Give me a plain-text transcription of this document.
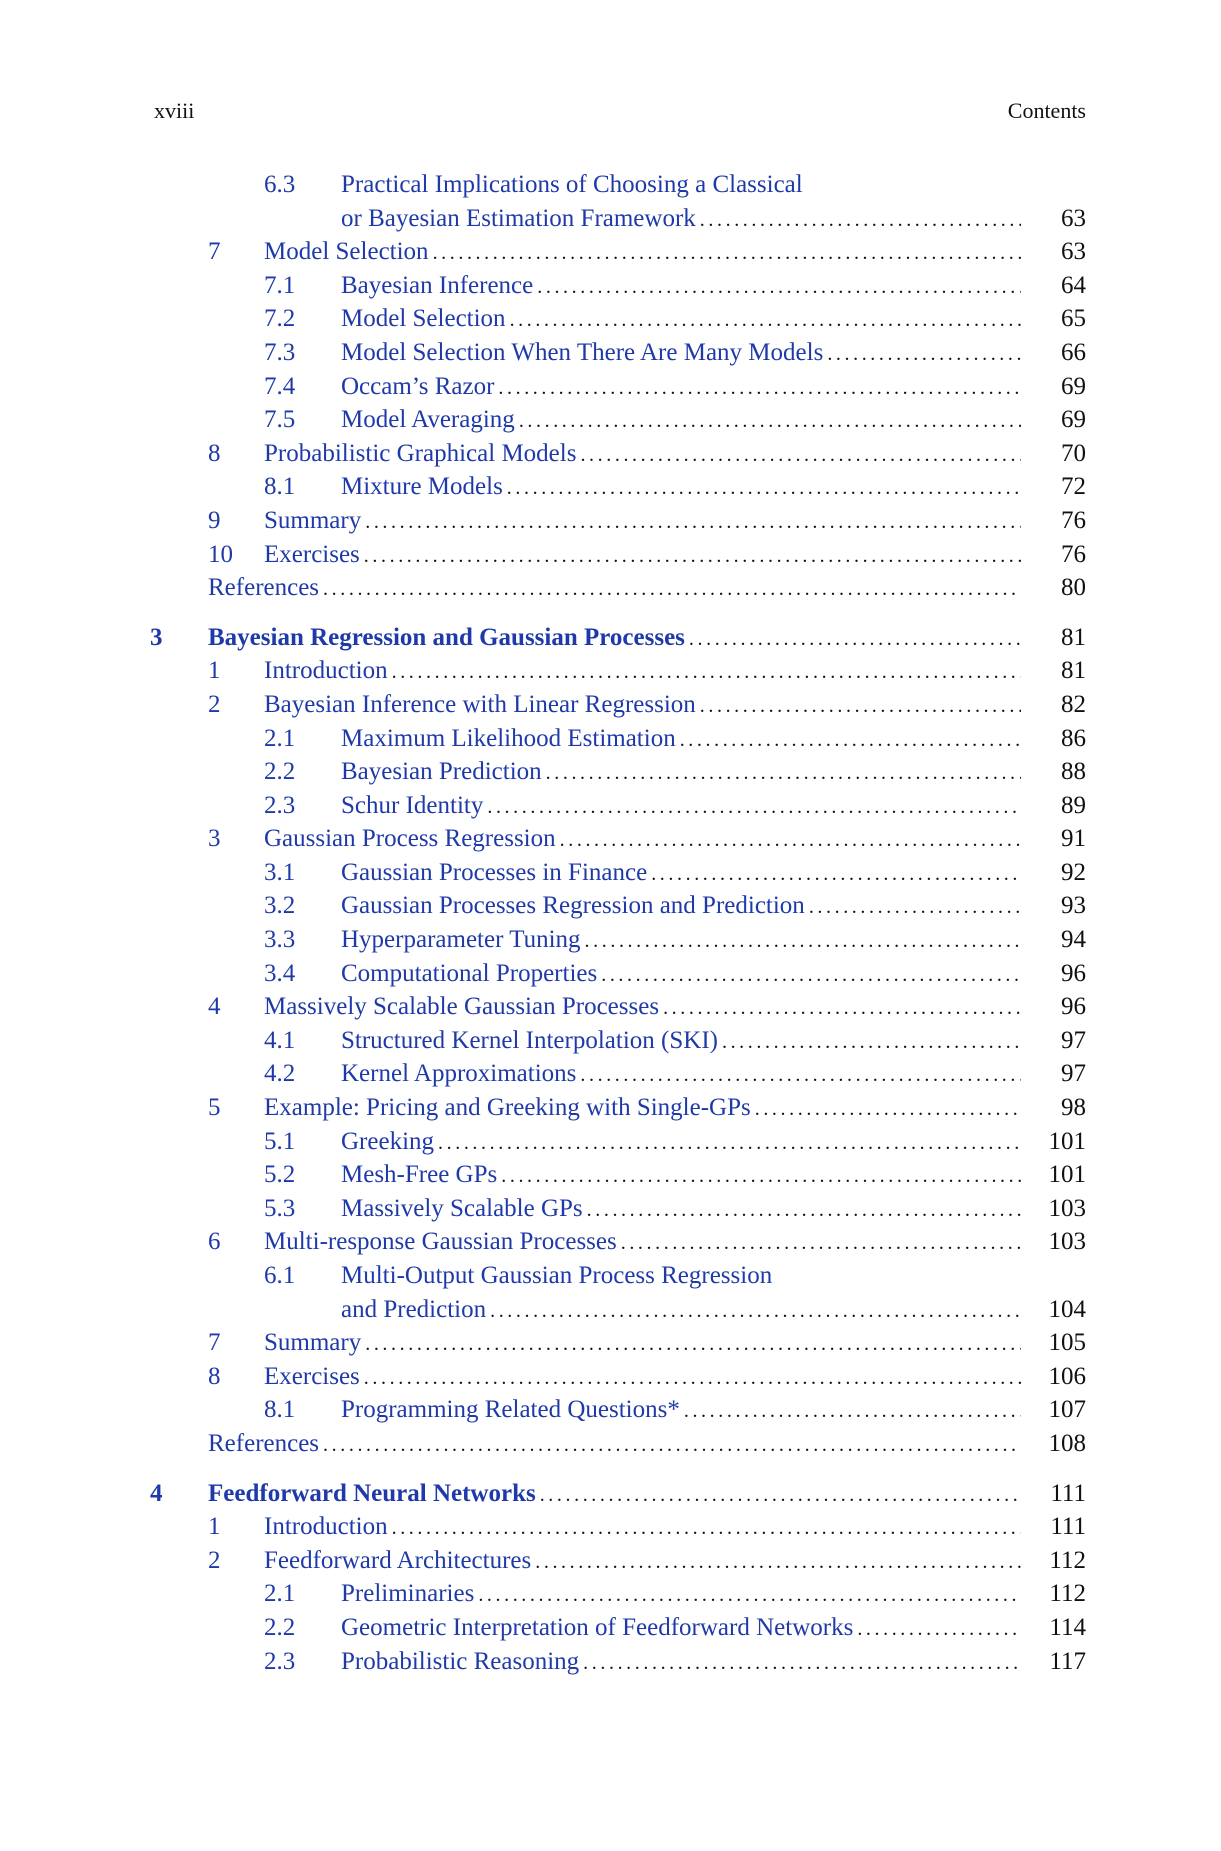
xviii	Contents
6.3 Practical Implications of Choosing a Classical
or Bayesian Estimation Framework .....	63
7 Model Selection .....	63
7.1 Bayesian Inference .....	64
7.2 Model Selection .....	65
7.3 Model Selection When There Are Many Models .....	66
7.4 Occam’s Razor .....	69
7.5 Model Averaging .....	69
8 Probabilistic Graphical Models .....	70
8.1 Mixture Models .....	72
9 Summary .....	76
10 Exercises .....	76
References .....	80
3 Bayesian Regression and Gaussian Processes .....	81
1 Introduction .....	81
2 Bayesian Inference with Linear Regression .....	82
2.1 Maximum Likelihood Estimation .....	86
2.2 Bayesian Prediction .....	88
2.3 Schur Identity .....	89
3 Gaussian Process Regression .....	91
3.1 Gaussian Processes in Finance .....	92
3.2 Gaussian Processes Regression and Prediction .....	93
3.3 Hyperparameter Tuning .....	94
3.4 Computational Properties .....	96
4 Massively Scalable Gaussian Processes .....	96
4.1 Structured Kernel Interpolation (SKI) .....	97
4.2 Kernel Approximations .....	97
5 Example: Pricing and Greeking with Single-GPs .....	98
5.1 Greeking .....	101
5.2 Mesh-Free GPs .....	101
5.3 Massively Scalable GPs .....	103
6 Multi-response Gaussian Processes .....	103
6.1 Multi-Output Gaussian Process Regression
and Prediction .....	104
7 Summary .....	105
8 Exercises .....	106
8.1 Programming Related Questions* .....	107
References .....	108
4 Feedforward Neural Networks .....	111
1 Introduction .....	111
2 Feedforward Architectures .....	112
2.1 Preliminaries .....	112
2.2 Geometric Interpretation of Feedforward Networks .....	114
2.3 Probabilistic Reasoning .....	117
